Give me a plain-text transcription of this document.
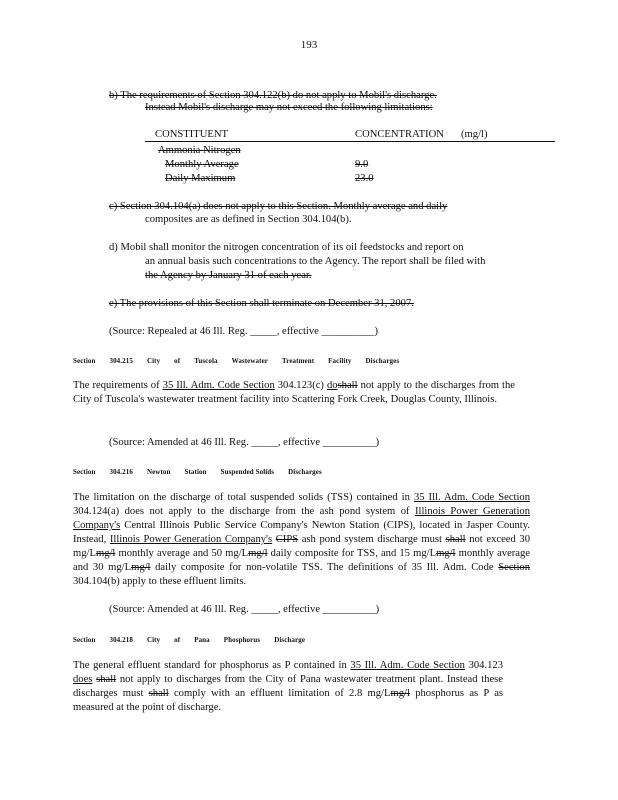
193
b) The requirements of Section 304.122(b) do not apply to Mobil's discharge.
Instead Mobil's discharge may not exceed the following limitations:
CONSTITUENT	CONCENTRATION (mg/l)
Ammonia Nitrogen
Monthly Average	9.0
Daily Maximum	23.0
c) Section 304.104(a) does not apply to this Section. Monthly average and daily
composites are as defined in Section 304.104(b).
d) Mobil shall monitor the nitrogen concentration of its oil feedstocks and report on
an annual basis such concentrations to the Agency. The report shall be filed with
the Agency by January 31 of each year.
e) The provisions of this Section shall terminate on December 31, 2007.
(Source: Repealed at 46 Ill. Reg. _____, effective __________)
Section 304.215 City of Tuscola Wastewater Treatment Facility Discharges
The requirements of 35 Ill. Adm. Code Section 304.123(c) doshall not apply to the discharges from the City of Tuscola's wastewater treatment facility into Scattering Fork Creek, Douglas County, Illinois.
(Source: Amended at 46 Ill. Reg. _____, effective __________)
Section 304.216 Newton Station Suspended Solids Discharges
The limitation on the discharge of total suspended solids (TSS) contained in 35 Ill. Adm. Code Section 304.124(a) does not apply to the discharge from the ash pond system of Illinois Power Generation Company's Central Illinois Public Service Company's Newton Station (CIPS), located in Jasper County. Instead, Illinois Power Generation Company's CIPS ash pond system discharge must shall not exceed 30 mg/Lmg/l monthly average and 50 mg/Lmg/l daily composite for TSS, and 15 mg/Lmg/l monthly average and 30 mg/Lmg/l daily composite for non-volatile TSS. The definitions of 35 Ill. Adm. Code Section 304.104(b) apply to these effluent limits.
(Source: Amended at 46 Ill. Reg. _____, effective __________)
Section 304.218 City of Pana Phosphorus Discharge
The general effluent standard for phosphorus as P contained in 35 Ill. Adm. Code Section 304.123 does shall not apply to discharges from the City of Pana wastewater treatment plant. Instead these discharges must shall comply with an effluent limitation of 2.8 mg/Lmg/l phosphorus as P as measured at the point of discharge.
